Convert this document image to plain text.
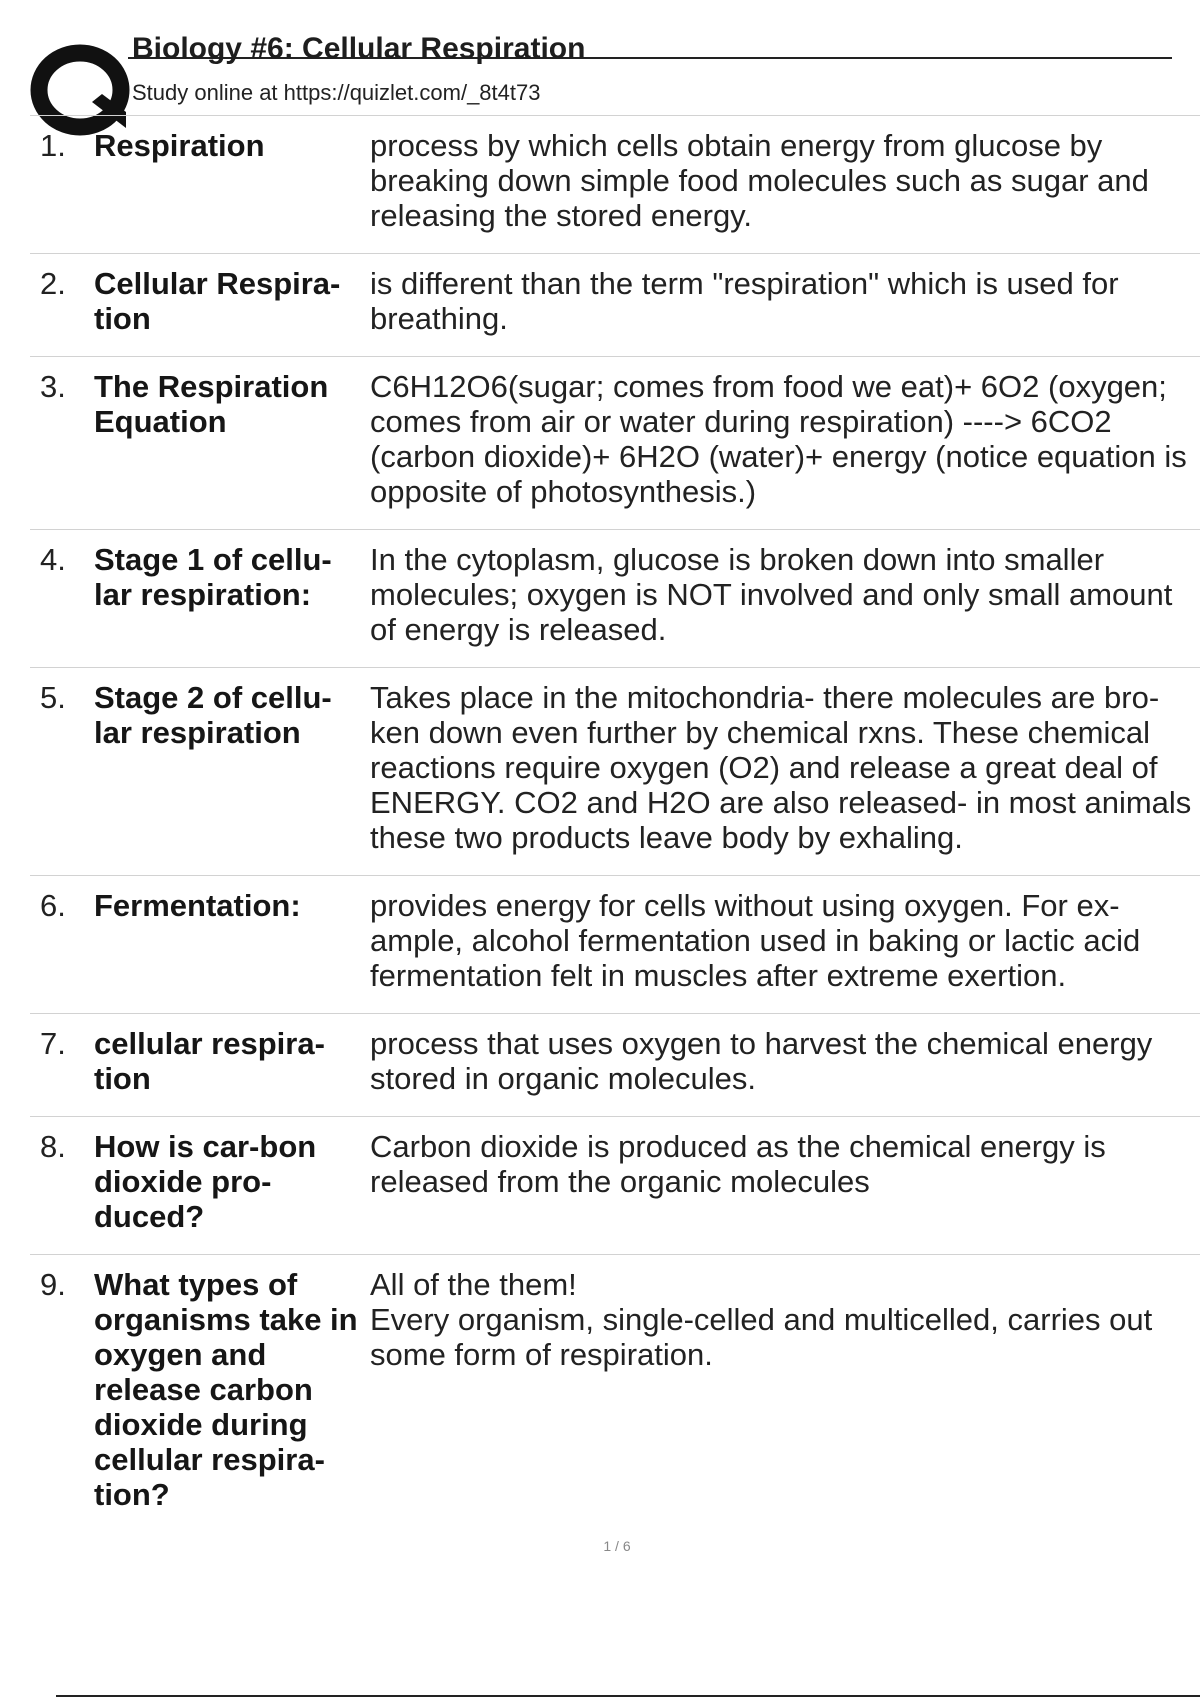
Biology #6: Cellular Respiration
Study online at https://quizlet.com/_8t4t73
1. Respiration	process by which cells obtain energy from glucose by breaking down simple food molecules such as sugar and releasing the stored energy.
2. Cellular Respira-tion
is different than the term "respiration" which is used for breathing.
3. The Respiration Equation
C6H12O6(sugar; comes from food we eat)+ 6O2 (oxygen; comes from air or water during respiration) ----> 6CO2 (carbon dioxide)+ 6H2O (water)+ energy (notice equation is opposite of photosynthesis.)
4. Stage 1 of cellu-lar respiration:
In the cytoplasm, glucose is broken down into smaller molecules; oxygen is NOT involved and only small amount of energy is released.
5. Stage 2 of cellu-lar respiration
Takes place in the mitochondria- there molecules are bro-ken down even further by chemical rxns. These chemical reactions require oxygen (O2) and release a great deal of ENERGY. CO2 and H2O are also released- in most animals these two products leave body by exhaling.
6. Fermentation:	provides energy for cells without using oxygen. For ex-ample, alcohol fermentation used in baking or lactic acid fermentation felt in muscles after extreme exertion.
7. cellular respira-tion
process that uses oxygen to harvest the chemical energy stored in organic molecules.
8. How is car-bon dioxide pro-duced?
Carbon dioxide is produced as the chemical energy is released from the organic molecules
9. What types of organisms take in oxygen and release carbon dioxide during cellular respira-tion?
All of the them!
Every organism, single-celled and multicelled, carries out some form of respiration.
1 / 6
